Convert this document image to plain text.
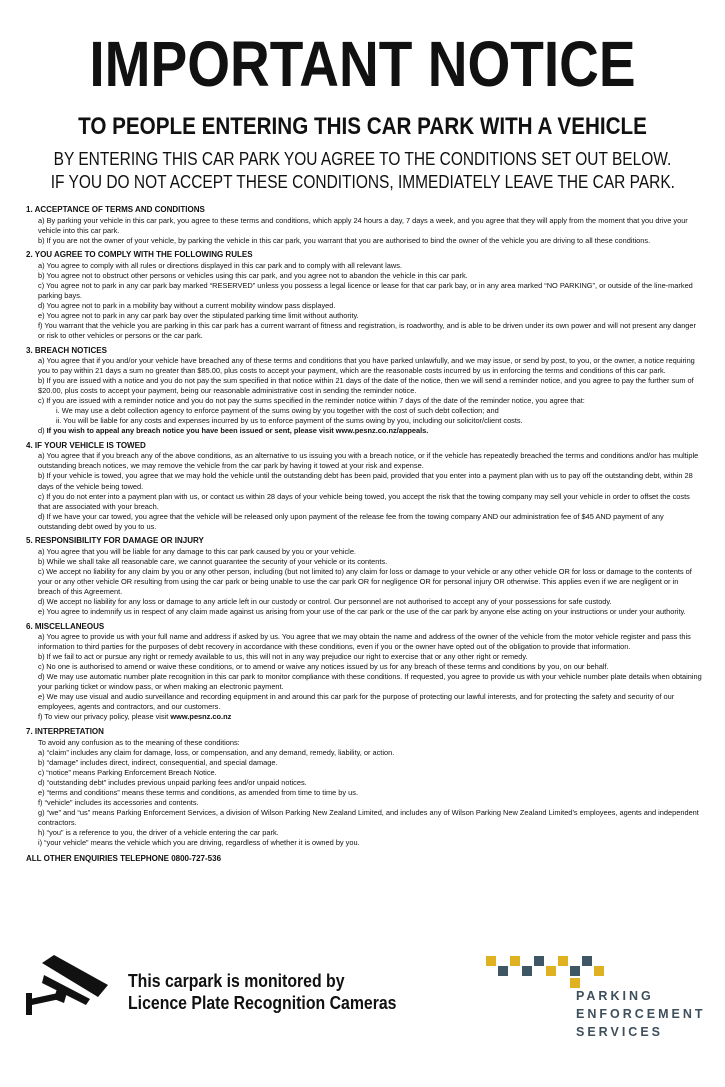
IMPORTANT NOTICE
TO PEOPLE ENTERING THIS CAR PARK WITH A VEHICLE
BY ENTERING THIS CAR PARK YOU AGREE TO THE CONDITIONS SET OUT BELOW.
IF YOU DO NOT ACCEPT THESE CONDITIONS, IMMEDIATELY LEAVE THE CAR PARK.
1. ACCEPTANCE OF TERMS AND CONDITIONS
a) By parking your vehicle in this car park, you agree to these terms and conditions, which apply 24 hours a day, 7 days a week, and you agree that they will apply from the moment that you drive your vehicle into this car park.
b) If you are not the owner of your vehicle, by parking the vehicle in this car park, you warrant that you are authorised to bind the owner of the vehicle you are driving to all these conditions.
2. YOU AGREE TO COMPLY WITH THE FOLLOWING RULES
a) You agree to comply with all rules or directions displayed in this car park and to comply with all relevant laws.
b) You agree not to obstruct other persons or vehicles using this car park, and you agree not to abandon the vehicle in this car park.
c) You agree not to park in any car park bay marked “RESERVED” unless you possess a legal licence or lease for that car park bay, or in any area marked “NO PARKING”, or outside of the line-marked parking bays.
d) You agree not to park in a mobility bay without a current mobility window pass displayed.
e) You agree not to park in any car park bay over the stipulated parking time limit without authority.
f) You warrant that the vehicle you are parking in this car park has a current warrant of fitness and registration, is roadworthy, and is able to be driven under its own power and will not present any danger or risk to other vehicles or persons or the car park.
3. BREACH NOTICES
a) You agree that if you and/or your vehicle have breached any of these terms and conditions that you have parked unlawfully, and we may issue, or send by post, to you, or the owner, a notice requiring you to pay within 21 days a sum no greater than $85.00, plus costs to accept your payment, which are the reasonable costs incurred by us in enforcing the terms and conditions of this car park.
b) If you are issued with a notice and you do not pay the sum specified in that notice within 21 days of the date of the notice, then we will send a reminder notice, and you agree to pay the further sum of $20.00, plus costs to accept your payment, being our reasonable administrative cost in sending the reminder notice.
c) If you are issued with a reminder notice and you do not pay the sums specified in the reminder notice within 7 days of the date of the reminder notice, you agree that:
i. We may use a debt collection agency to enforce payment of the sums owing by you together with the cost of such debt collection; and
ii. You will be liable for any costs and expenses incurred by us to enforce payment of the sums owing by you, including our solicitor/client costs.
d) If you wish to appeal any breach notice you have been issued or sent, please visit www.pesnz.co.nz/appeals.
4. IF YOUR VEHICLE IS TOWED
a) You agree that if you breach any of the above conditions, as an alternative to us issuing you with a breach notice, or if the vehicle has repeatedly breached the terms and conditions and/or has multiple outstanding breach notices, we may remove the vehicle from the car park by having it towed at your risk and expense.
b) If your vehicle is towed, you agree that we may hold the vehicle until the outstanding debt has been paid, provided that you enter into a payment plan with us to pay off the outstanding debt, within 28 days of the vehicle being towed.
c) If you do not enter into a payment plan with us, or contact us within 28 days of your vehicle being towed, you accept the risk that the towing company may sell your vehicle in order to offset the costs that are associated with your breach.
d) If we have your car towed, you agree that the vehicle will be released only upon payment of the release fee from the towing company AND our administration fee of $45 AND payment of any outstanding debt owed by you to us.
5. RESPONSIBILITY FOR DAMAGE OR INJURY
a) You agree that you will be liable for any damage to this car park caused by you or your vehicle.
b) While we shall take all reasonable care, we cannot guarantee the security of your vehicle or its contents.
c) We accept no liability for any claim by you or any other person, including (but not limited to) any claim for loss or damage to your vehicle or any other vehicle OR for loss or damage to the contents of your or any other vehicle OR resulting from using the car park or being unable to use the car park OR for negligence OR for personal injury OR otherwise. This applies even if we are negligent or in breach of this Agreement.
d) We accept no liability for any loss or damage to any article left in our custody or control. Our personnel are not authorised to accept any of your possessions for safe custody.
e) You agree to indemnify us in respect of any claim made against us arising from your use of the car park or the use of the car park by anyone else acting on your instructions or under your authority.
6. MISCELLANEOUS
a) You agree to provide us with your full name and address if asked by us. You agree that we may obtain the name and address of the owner of the vehicle from the motor vehicle register and pass this information to third parties for the purposes of debt recovery in accordance with these conditions, even if you or the owner have opted out of the obligation to provide that information.
b) If we fail to act or pursue any right or remedy available to us, this will not in any way prejudice our right to exercise that or any other right or remedy.
c) No one is authorised to amend or waive these conditions, or to amend or waive any notices issued by us for any breach of these terms and conditions by you, on our behalf.
d) We may use automatic number plate recognition in this car park to monitor compliance with these conditions. If requested, you agree to provide us with your vehicle number plate details when obtaining your parking ticket or window pass, or when making an electronic payment.
e) We may use visual and audio surveillance and recording equipment in and around this car park for the purpose of protecting our lawful interests, and for protecting the safety and security of our employees, agents and contractors, and our customers.
f) To view our privacy policy, please visit www.pesnz.co.nz
7. INTERPRETATION
To avoid any confusion as to the meaning of these conditions:
a) “claim” includes any claim for damage, loss, or compensation, and any demand, remedy, liability, or action.
b) “damage” includes direct, indirect, consequential, and special damage.
c) “notice” means Parking Enforcement Breach Notice.
d) “outstanding debt” includes previous unpaid parking fees and/or unpaid notices.
e) “terms and conditions” means these terms and conditions, as amended from time to time by us.
f) “vehicle” includes its accessories and contents.
g) “we” and “us” means Parking Enforcement Services, a division of Wilson Parking New Zealand Limited, and includes any of Wilson Parking New Zealand Limited’s employees, agents and independent contractors.
h) “you” is a reference to you, the driver of a vehicle entering the car park.
i) “your vehicle” means the vehicle which you are driving, regardless of whether it is owned by you.
ALL OTHER ENQUIRIES TELEPHONE 0800-727-536
This carpark is monitored by
Licence Plate Recognition Cameras	PARKING
ENFORCEMENT
SERVICES
